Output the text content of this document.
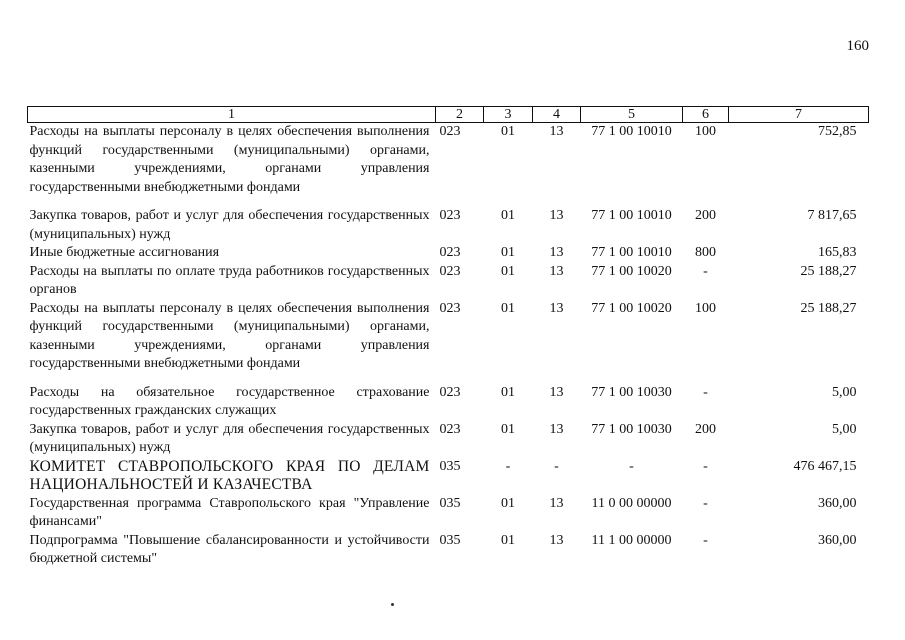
160
1	2	3	4	5	6	7
Расходы на выплаты персоналу в целях обеспечения выполнения функций государственными (муниципальными) органами, казенными учреждениями, органами управления государственными внебюджетными фондами	023	01	13	77 1 00 10010	100	752,85
Закупка товаров, работ и услуг для обеспечения государственных (муниципальных) нужд	023	01	13	77 1 00 10010	200	7 817,65
Иные бюджетные ассигнования	023	01	13	77 1 00 10010	800	165,83
Расходы на выплаты по оплате труда работников государственных органов	023	01	13	77 1 00 10020	-	25 188,27
Расходы на выплаты персоналу в целях обеспечения выполнения функций государственными (муниципальными) органами, казенными учреждениями, органами управления государственными внебюджетными фондами	023	01	13	77 1 00 10020	100	25 188,27
Расходы на обязательное государственное страхование государственных гражданских служащих	023	01	13	77 1 00 10030	-	5,00
Закупка товаров, работ и услуг для обеспечения государственных (муниципальных) нужд	023	01	13	77 1 00 10030	200	5,00
КОМИТЕТ СТАВРОПОЛЬСКОГО КРАЯ ПО ДЕЛАМ НАЦИОНАЛЬНОСТЕЙ И КАЗАЧЕСТВА	035	-	-	-	-	476 467,15
Государственная программа Ставропольского края "Управление финансами"	035	01	13	11 0 00 00000	-	360,00
Подпрограмма "Повышение сбалансированности и устойчивости бюджетной системы"	035	01	13	11 1 00 00000	-	360,00
